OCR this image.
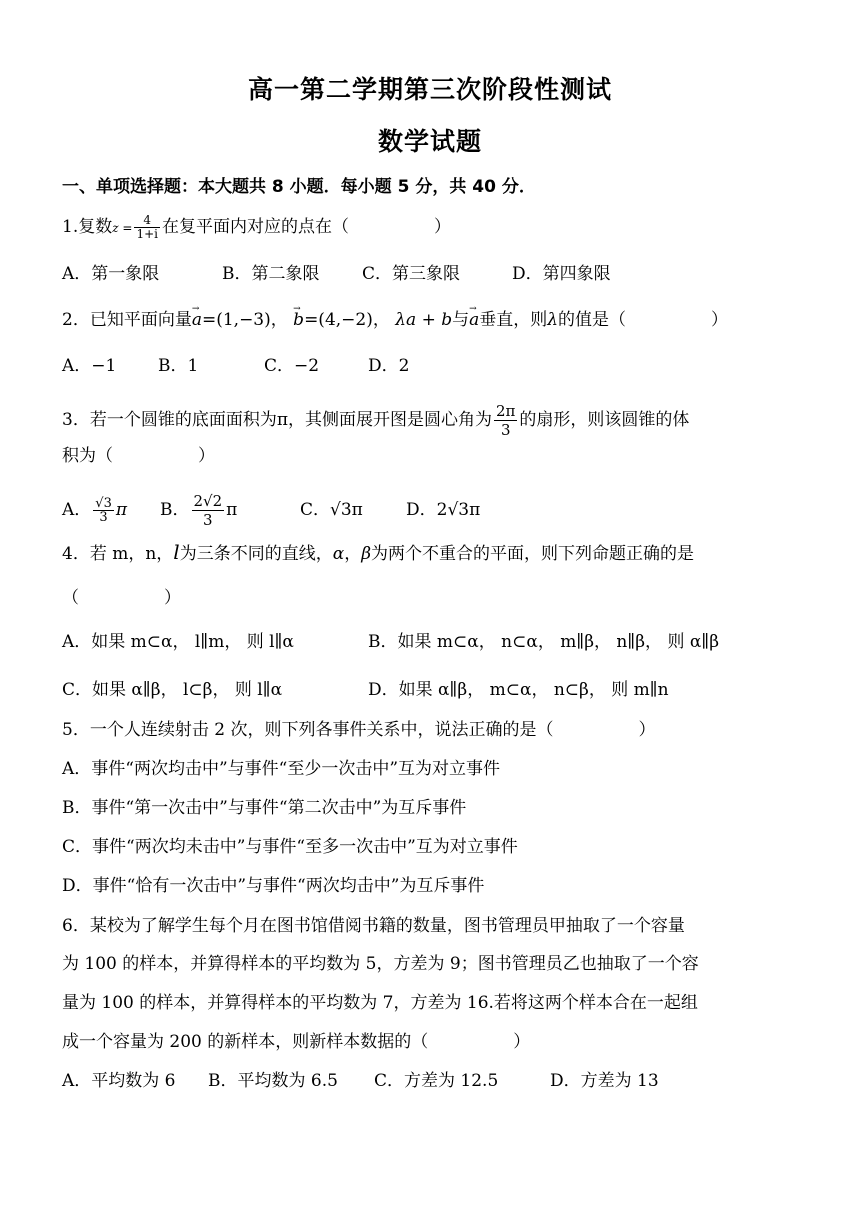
高一第二学期第三次阶段性测试
数学试题
一、单项选择题：本大题共 8 小题．每小题 5 分，共 40 分．
1.复数$z = \frac{4}{1+i}$ 在复平面内对应的点在（　　　　　）
A．第一象限	B．第二象限	C．第三象限	D．第四象限
2．已知平面向量→ a=(1,−3)， → b=(4,−2)， λa + b与→ a垂直，则λ的值是（　　　　　）
A．−1 B．1	C．−2	D．2
3．若一个圆锥的底面面积为π，其侧面展开图是圆心角为 $\frac{2\pi}{3}$ 的扇形，则该圆锥的体
积为（　　　　　）
A． $\frac{√3}{3}$ π B． $\frac{2√2}{3}$ π	C．√3π	D．2√3π
4．若 m，n，l为三条不同的直线，α，β为两个不重合的平面，则下列命题正确的是
（　　　　　）
A．如果 m⊂α， l∥m， 则 l∥α	B．如果 m⊂α， n⊂α， m∥β， n∥β， 则 α∥β
C．如果 α∥β， l⊂β， 则 l∥α	D．如果 α∥β， m⊂α， n⊂β， 则 m∥n
5．一个人连续射击 2 次，则下列各事件关系中，说法正确的是（　　　　　）
A．事件“两次均击中”与事件“至少一次击中”互为对立事件
B．事件“第一次击中”与事件“第二次击中”为互斥事件
C．事件“两次均未击中”与事件“至多一次击中”互为对立事件
D．事件“恰有一次击中”与事件“两次均击中”为互斥事件
6．某校为了解学生每个月在图书馆借阅书籍的数量，图书管理员甲抽取了一个容量
为 100 的样本，并算得样本的平均数为 5，方差为 9；图书管理员乙也抽取了一个容
量为 100 的样本，并算得样本的平均数为 7，方差为 16.若将这两个样本合在一起组
成一个容量为 200 的新样本，则新样本数据的（　　　　　）
A．平均数为 6 B．平均数为 6.5 C．方差为 12.5	D．方差为 13
